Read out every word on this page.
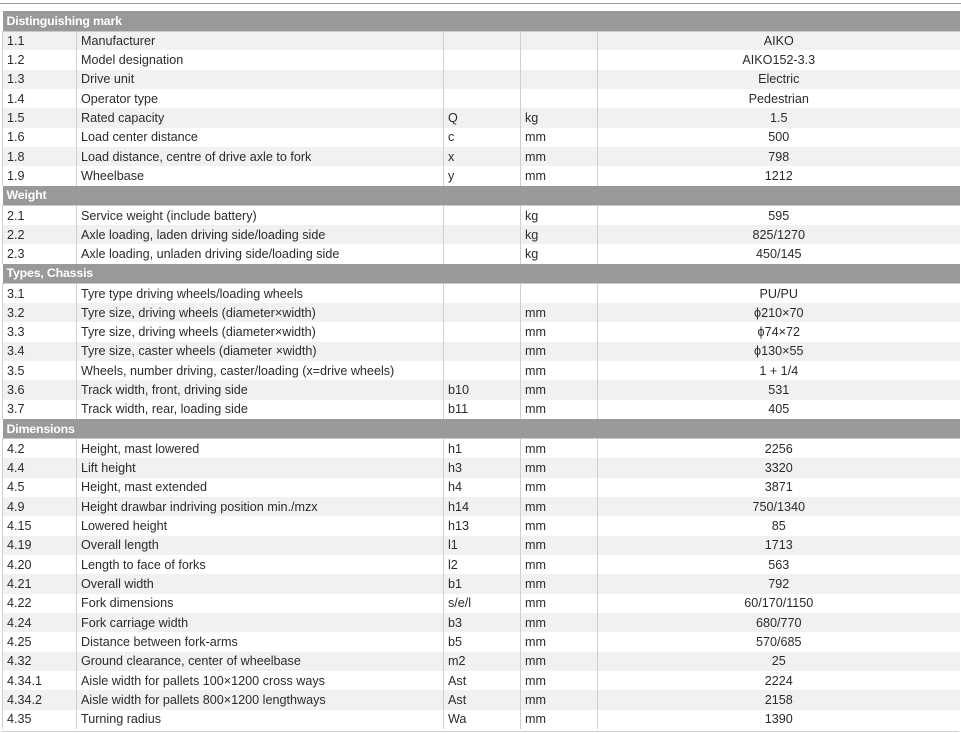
Distinguishing mark				
1.1	Manufacturer			AIKO
1.2	Model designation			AIKO152-3.3
1.3	Drive unit			Electric
1.4	Operator type			Pedestrian
1.5	Rated capacity	Q	kg	1.5
1.6	Load center distance	c	mm	500
1.8	Load distance, centre of drive axle to fork	x	mm	798
1.9	Wheelbase	y	mm	1212
Weight				
2.1	Service weight (include battery)		kg	595
2.2	Axle loading, laden driving side/loading side		kg	825/1270
2.3	Axle loading, unladen driving side/loading side		kg	450/145
Types, Chassis				
3.1	Tyre type driving wheels/loading wheels			PU/PU
3.2	Tyre size, driving wheels (diameter×width)		mm	ϕ210×70
3.3	Tyre size, driving wheels (diameter×width)		mm	ϕ74×72
3.4	Tyre size, caster wheels (diameter ×width)		mm	ϕ130×55
3.5	Wheels, number driving, caster/loading (x=drive wheels)		mm	1 + 1/4
3.6	Track width, front, driving side	b10	mm	531
3.7	Track width, rear, loading side	b11	mm	405
Dimensions				
4.2	Height, mast lowered	h1	mm	2256
4.4	Lift height	h3	mm	3320
4.5	Height, mast extended	h4	mm	3871
4.9	Height drawbar indriving position min./mzx	h14	mm	750/1340
4.15	Lowered height	h13	mm	85
4.19	Overall length	l1	mm	1713
4.20	Length to face of forks	l2	mm	563
4.21	Overall width	b1	mm	792
4.22	Fork dimensions	s/e/l	mm	60/170/1150
4.24	Fork carriage width	b3	mm	680/770
4.25	Distance between fork-arms	b5	mm	570/685
4.32	Ground clearance, center of wheelbase	m2	mm	25
4.34.1	Aisle width for pallets 100×1200 cross ways	Ast	mm	2224
4.34.2	Aisle width for pallets 800×1200 lengthways	Ast	mm	2158
4.35	Turning radius	Wa	mm	1390
